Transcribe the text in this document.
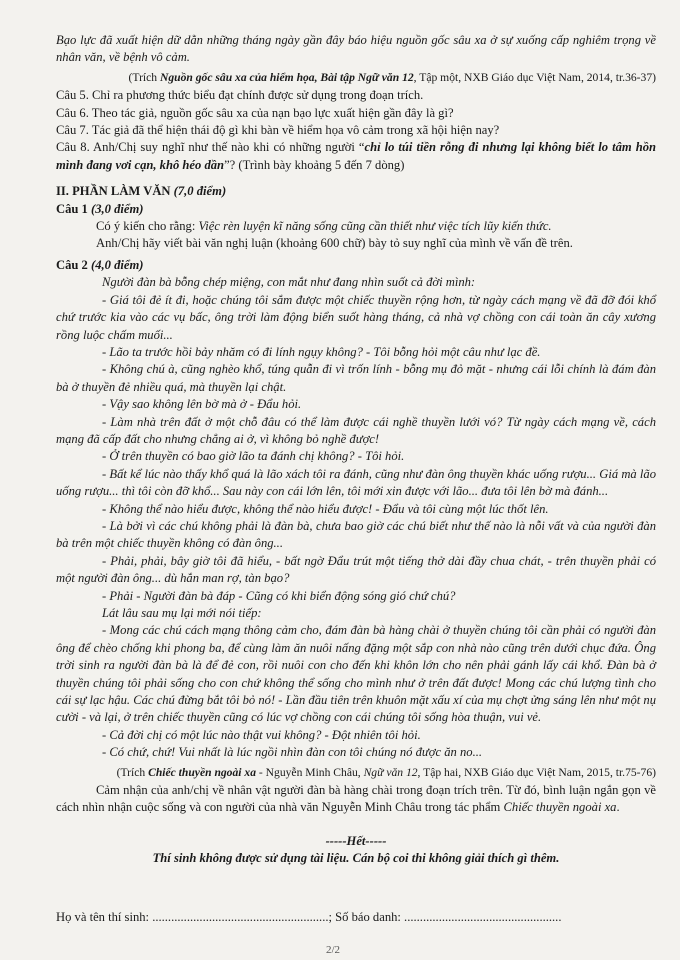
Bạo lực đã xuất hiện dữ dằn những tháng ngày gần đây báo hiệu nguồn gốc sâu xa ở sự xuống cấp nghiêm trọng về nhân văn, về bệnh vô cảm.

(Trích Nguồn gốc sâu xa của hiểm họa, Bài tập Ngữ văn 12, Tập một, NXB Giáo dục Việt Nam, 2014, tr.36-37)

Câu 5. Chỉ ra phương thức biểu đạt chính được sử dụng trong đoạn trích.

Câu 6. Theo tác giả, nguồn gốc sâu xa của nạn bạo lực xuất hiện gần đây là gì?

Câu 7. Tác giả đã thể hiện thái độ gì khi bàn về hiểm họa vô cảm trong xã hội hiện nay?

Câu 8. Anh/Chị suy nghĩ như thế nào khi có những người “chỉ lo túi tiền rỗng đi nhưng lại không biết lo tâm hồn mình đang vơi cạn, khô héo dần”? (Trình bày khoảng 5 đến 7 dòng)

II. PHẦN LÀM VĂN (7,0 điểm)

Câu 1 (3,0 điểm)

Có ý kiến cho rằng: Việc rèn luyện kĩ năng sống cũng cần thiết như việc tích lũy kiến thức.

Anh/Chị hãy viết bài văn nghị luận (khoảng 600 chữ) bày tỏ suy nghĩ của mình về vấn đề trên.

Câu 2 (4,0 điểm)

Người đàn bà bỗng chép miệng, con mắt như đang nhìn suốt cả đời mình:

- Giá tôi đẻ ít đi, hoặc chúng tôi sắm được một chiếc thuyền rộng hơn, từ ngày cách mạng về đã đỡ đói khổ chứ trước kia vào các vụ bấc, ông trời làm động biển suốt hàng tháng, cả nhà vợ chồng con cái toàn ăn cây xương rồng luộc chấm muối...

- Lão ta trước hồi bảy nhăm có đi lính ngụy không? - Tôi bỗng hỏi một câu như lạc đề.

- Không chú à, cũng nghèo khổ, túng quẫn đi vì trốn lính - bỗng mụ đỏ mặt - nhưng cái lỗi chính là đám đàn bà ở thuyền đẻ nhiều quá, mà thuyền lại chật.

- Vậy sao không lên bờ mà ở - Đẩu hỏi.

- Làm nhà trên đất ở một chỗ đâu có thể làm được cái nghề thuyền lưới vó? Từ ngày cách mạng về, cách mạng đã cấp đất cho nhưng chẳng ai ở, vì không bỏ nghề được!

- Ở trên thuyền có bao giờ lão ta đánh chị không? - Tôi hỏi.

- Bất kể lúc nào thấy khổ quá là lão xách tôi ra đánh, cũng như đàn ông thuyền khác uống rượu... Giá mà lão uống rượu... thì tôi còn đỡ khổ... Sau này con cái lớn lên, tôi mới xin được với lão... đưa tôi lên bờ mà đánh...

- Không thể nào hiểu được, không thể nào hiểu được! - Đẩu và tôi cùng một lúc thốt lên.

- Là bởi vì các chú không phải là đàn bà, chưa bao giờ các chú biết như thế nào là nỗi vất và của người đàn bà trên một chiếc thuyền không có đàn ông...

- Phải, phải, bây giờ tôi đã hiểu, - bất ngờ Đẩu trút một tiếng thở dài đầy chua chát, - trên thuyền phải có một người đàn ông... dù hắn man rợ, tàn bạo?

- Phải - Người đàn bà đáp - Cũng có khi biển động sóng gió chứ chú?

Lát lâu sau mụ lại mới nói tiếp:

- Mong các chú cách mạng thông cảm cho, đám đàn bà hàng chài ở thuyền chúng tôi cần phải có người đàn ông để chèo chống khi phong ba, để cùng làm ăn nuôi nấng đặng một sắp con nhà nào cũng trên dưới chục đứa. Ông trời sinh ra người đàn bà là để đẻ con, rồi nuôi con cho đến khi khôn lớn cho nên phải gánh lấy cái khổ. Đàn bà ở thuyền chúng tôi phải sống cho con chứ không thể sống cho mình như ở trên đất được! Mong các chú lượng tình cho cái sự lạc hậu. Các chú đừng bắt tôi bỏ nó! - Lần đầu tiên trên khuôn mặt xấu xí của mụ chợt ửng sáng lên như một nụ cười - và lại, ở trên chiếc thuyền cũng có lúc vợ chồng con cái chúng tôi sống hòa thuận, vui vẻ.

- Cả đời chị có một lúc nào thật vui không? - Đột nhiên tôi hỏi.

- Có chứ, chứ! Vui nhất là lúc ngồi nhìn đàn con tôi chúng nó được ăn no...

(Trích Chiếc thuyền ngoài xa - Nguyễn Minh Châu, Ngữ văn 12, Tập hai, NXB Giáo dục Việt Nam, 2015, tr.75-76)

Cảm nhận của anh/chị về nhân vật người đàn bà hàng chài trong đoạn trích trên. Từ đó, bình luận ngắn gọn về cách nhìn nhận cuộc sống và con người của nhà văn Nguyễn Minh Châu trong tác phẩm Chiếc thuyền ngoài xa.

-----Hết-----

Thí sinh không được sử dụng tài liệu. Cán bộ coi thi không giải thích gì thêm.

Họ và tên thí sinh: ........................................................; Số báo danh: ..................................................

2/2
